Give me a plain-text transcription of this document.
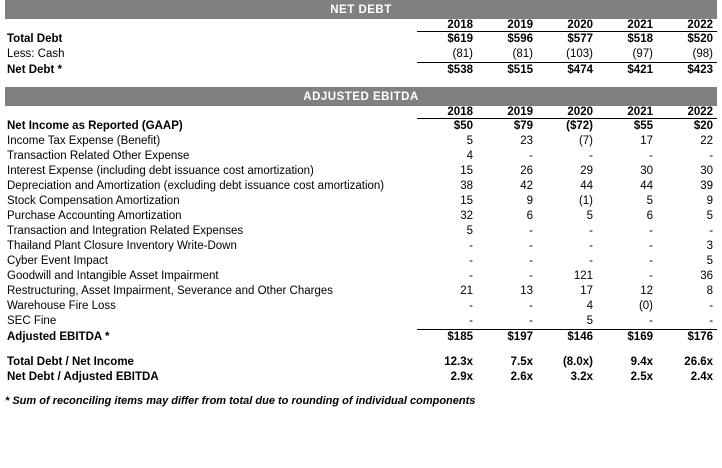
NET DEBT					
	2018	2019	2020	2021	2022
Total Debt	$619	$596	$577	$518	$520
Less: Cash	(81)	(81)	(103)	(97)	(98)
Net Debt *	$538	$515	$474	$421	$423

ADJUSTED EBITDA					
	2018	2019	2020	2021	2022
Net Income as Reported (GAAP)	$50	$79	($72)	$55	$20
Income Tax Expense (Benefit)	5	23	(7)	17	22
Transaction Related Other Expense	4	-	-	-	-
Interest Expense (including debt issuance cost amortization)	15	26	29	30	30
Depreciation and Amortization (excluding debt issuance cost amortization)	38	42	44	44	39
Stock Compensation Amortization	15	9	(1)	5	9
Purchase Accounting Amortization	32	6	5	6	5
Transaction and Integration Related Expenses	5	-	-	-	-
Thailand Plant Closure Inventory Write-Down	-	-	-	-	3
Cyber Event Impact	-	-	-	-	5
Goodwill and Intangible Asset Impairment	-	-	121	-	36
Restructuring, Asset Impairment, Severance and Other Charges	21	13	17	12	8
Warehouse Fire Loss	-	-	4	(0)	-
SEC Fine	-	-	5	-	-
Adjusted EBITDA *	$185	$197	$146	$169	$176

Total Debt / Net Income	12.3x	7.5x	(8.0x)	9.4x	26.6x
Net Debt / Adjusted EBITDA	2.9x	2.6x	3.2x	2.5x	2.4x
* Sum of reconciling items may differ from total due to rounding of individual components
